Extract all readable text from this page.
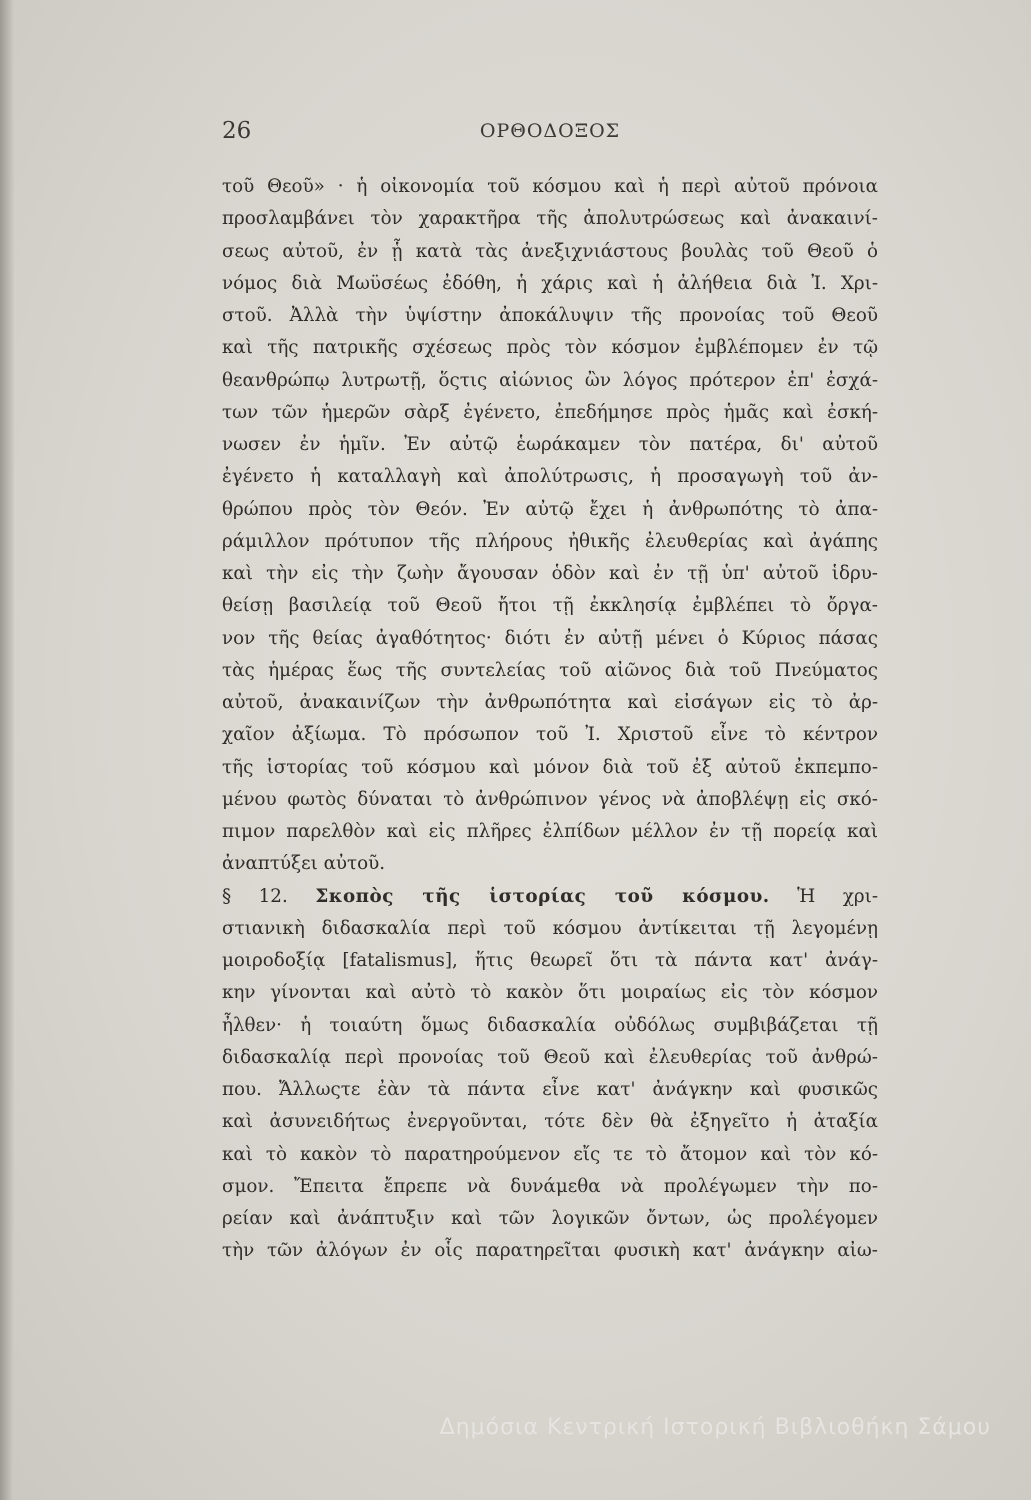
26	ΟΡΘΟΔΟΞΟΣ
τοῦ Θεοῦ» · ἡ οἰκονομία τοῦ κόσμου καὶ ἡ περὶ αὐτοῦ πρόνοια
προσλαμβάνει τὸν χαρακτῆρα τῆς ἀπολυτρώσεως καὶ ἀνακαινί-
σεως αὐτοῦ, ἐν ᾗ κατὰ τὰς ἀνεξιχνιάστους βουλὰς τοῦ Θεοῦ ὁ
νόμος διὰ Μωϋσέως ἐδόθη, ἡ χάρις καὶ ἡ ἀλήθεια διὰ Ἰ. Χρι-
στοῦ. Ἀλλὰ τὴν ὑψίστην ἀποκάλυψιν τῆς προνοίας τοῦ Θεοῦ
καὶ τῆς πατρικῆς σχέσεως πρὸς τὸν κόσμον ἐμβλέπομεν ἐν τῷ
θεανθρώπῳ λυτρωτῇ, ὅςτις αἰώνιος ὢν λόγος πρότερον ἐπ' ἐσχά-
των τῶν ἡμερῶν σὰρξ ἐγένετο, ἐπεδήμησε πρὸς ἡμᾶς καὶ ἐσκή-
νωσεν ἐν ἡμῖν. Ἐν αὐτῷ ἑωράκαμεν τὸν πατέρα, δι' αὐτοῦ
ἐγένετο ἡ καταλλαγὴ καὶ ἀπολύτρωσις, ἡ προσαγωγὴ τοῦ ἀν-
θρώπου πρὸς τὸν Θεόν. Ἐν αὐτῷ ἔχει ἡ ἀνθρωπότης τὸ ἀπα-
ράμιλλον πρότυπον τῆς πλήρους ἠθικῆς ἐλευθερίας καὶ ἀγάπης
καὶ τὴν εἰς τὴν ζωὴν ἄγουσαν ὁδὸν καὶ ἐν τῇ ὑπ' αὐτοῦ ἱδρυ-
θείσῃ βασιλείᾳ τοῦ Θεοῦ ἤτοι τῇ ἐκκλησίᾳ ἐμβλέπει τὸ ὄργα-
νον τῆς θείας ἀγαθότητος· διότι ἐν αὐτῇ μένει ὁ Κύριος πάσας
τὰς ἡμέρας ἕως τῆς συντελείας τοῦ αἰῶνος διὰ τοῦ Πνεύματος
αὐτοῦ, ἀνακαινίζων τὴν ἀνθρωπότητα καὶ εἰσάγων εἰς τὸ ἀρ-
χαῖον ἀξίωμα. Τὸ πρόσωπον τοῦ Ἰ. Χριστοῦ εἶνε τὸ κέντρον
τῆς ἱστορίας τοῦ κόσμου καὶ μόνον διὰ τοῦ ἐξ αὐτοῦ ἐκπεμπο-
μένου φωτὸς δύναται τὸ ἀνθρώπινον γένος νὰ ἀποβλέψῃ εἰς σκό-
πιμον παρελθὸν καὶ εἰς πλῆρες ἐλπίδων μέλλον ἐν τῇ πορείᾳ καὶ
ἀναπτύξει αὐτοῦ.
§ 12. Σκοπὸς τῆς ἱστορίας τοῦ κόσμου. Ἡ χρι-
στιανικὴ διδασκαλία περὶ τοῦ κόσμου ἀντίκειται τῇ λεγομένῃ
μοιροδοξίᾳ [fatalismus], ἥτις θεωρεῖ ὅτι τὰ πάντα κατ' ἀνάγ-
κην γίνονται καὶ αὐτὸ τὸ κακὸν ὅτι μοιραίως εἰς τὸν κόσμον
ἦλθεν· ἡ τοιαύτη ὅμως διδασκαλία οὐδόλως συμβιβάζεται τῇ
διδασκαλίᾳ περὶ προνοίας τοῦ Θεοῦ καὶ ἐλευθερίας τοῦ ἀνθρώ-
που. Ἄλλωςτε ἐὰν τὰ πάντα εἶνε κατ' ἀνάγκην καὶ φυσικῶς
καὶ ἀσυνειδήτως ἐνεργοῦνται, τότε δὲν θὰ ἐξηγεῖτο ἡ ἀταξία
καὶ τὸ κακὸν τὸ παρατηρούμενον εἴς τε τὸ ἄτομον καὶ τὸν κό-
σμον. Ἔπειτα ἔπρεπε νὰ δυνάμεθα νὰ προλέγωμεν τὴν πο-
ρείαν καὶ ἀνάπτυξιν καὶ τῶν λογικῶν ὄντων, ὡς προλέγομεν
τὴν τῶν ἀλόγων ἐν οἷς παρατηρεῖται φυσικὴ κατ' ἀνάγκην αἰω-
Δημόσια Κεντρική Ιστορική Βιβλιοθήκη Σάμου
